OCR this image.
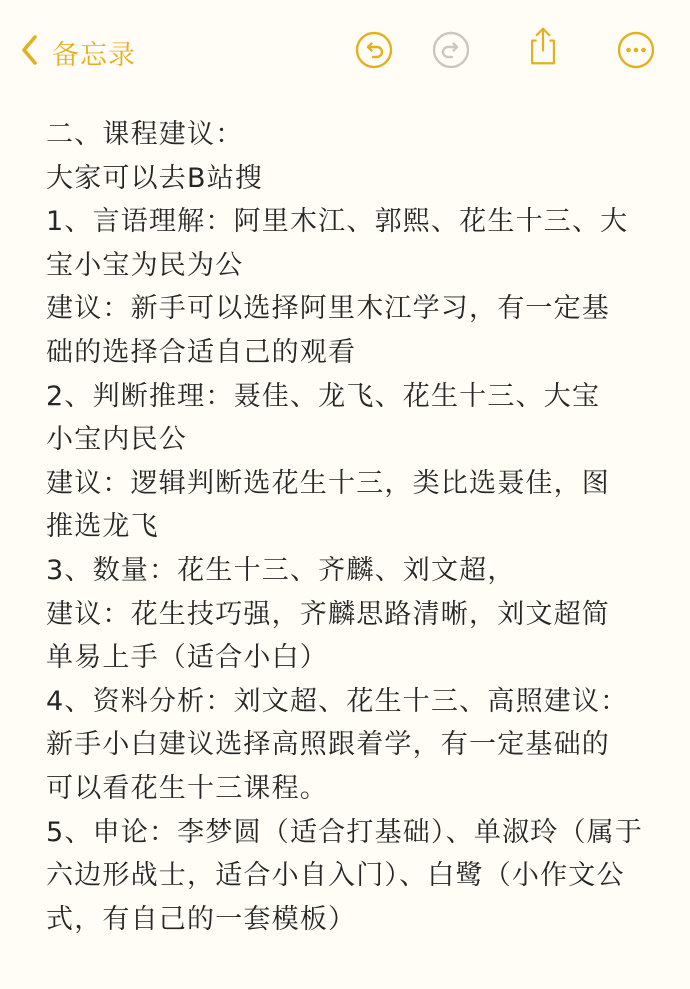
备忘录
二、课程建议：
大家可以去B站搜
1、言语理解：阿里木江、郭熙、花生十三、大
宝小宝为民为公
建议：新手可以选择阿里木江学习，有一定基
础的选择合适自己的观看
2、判断推理：聂佳、龙飞、花生十三、大宝
小宝内民公
建议：逻辑判断选花生十三，类比选聂佳，图
推选龙飞
3、数量：花生十三、齐麟、刘文超，
建议：花生技巧强，齐麟思路清晰，刘文超简
单易上手（适合小白）
4、资料分析：刘文超、花生十三、高照建议：
新手小白建议选择高照跟着学，有一定基础的
可以看花生十三课程。
5、申论：李梦圆（适合打基础）、单淑玲（属于
六边形战士，适合小自入门）、白鹭（小作文公
式，有自己的一套模板）
